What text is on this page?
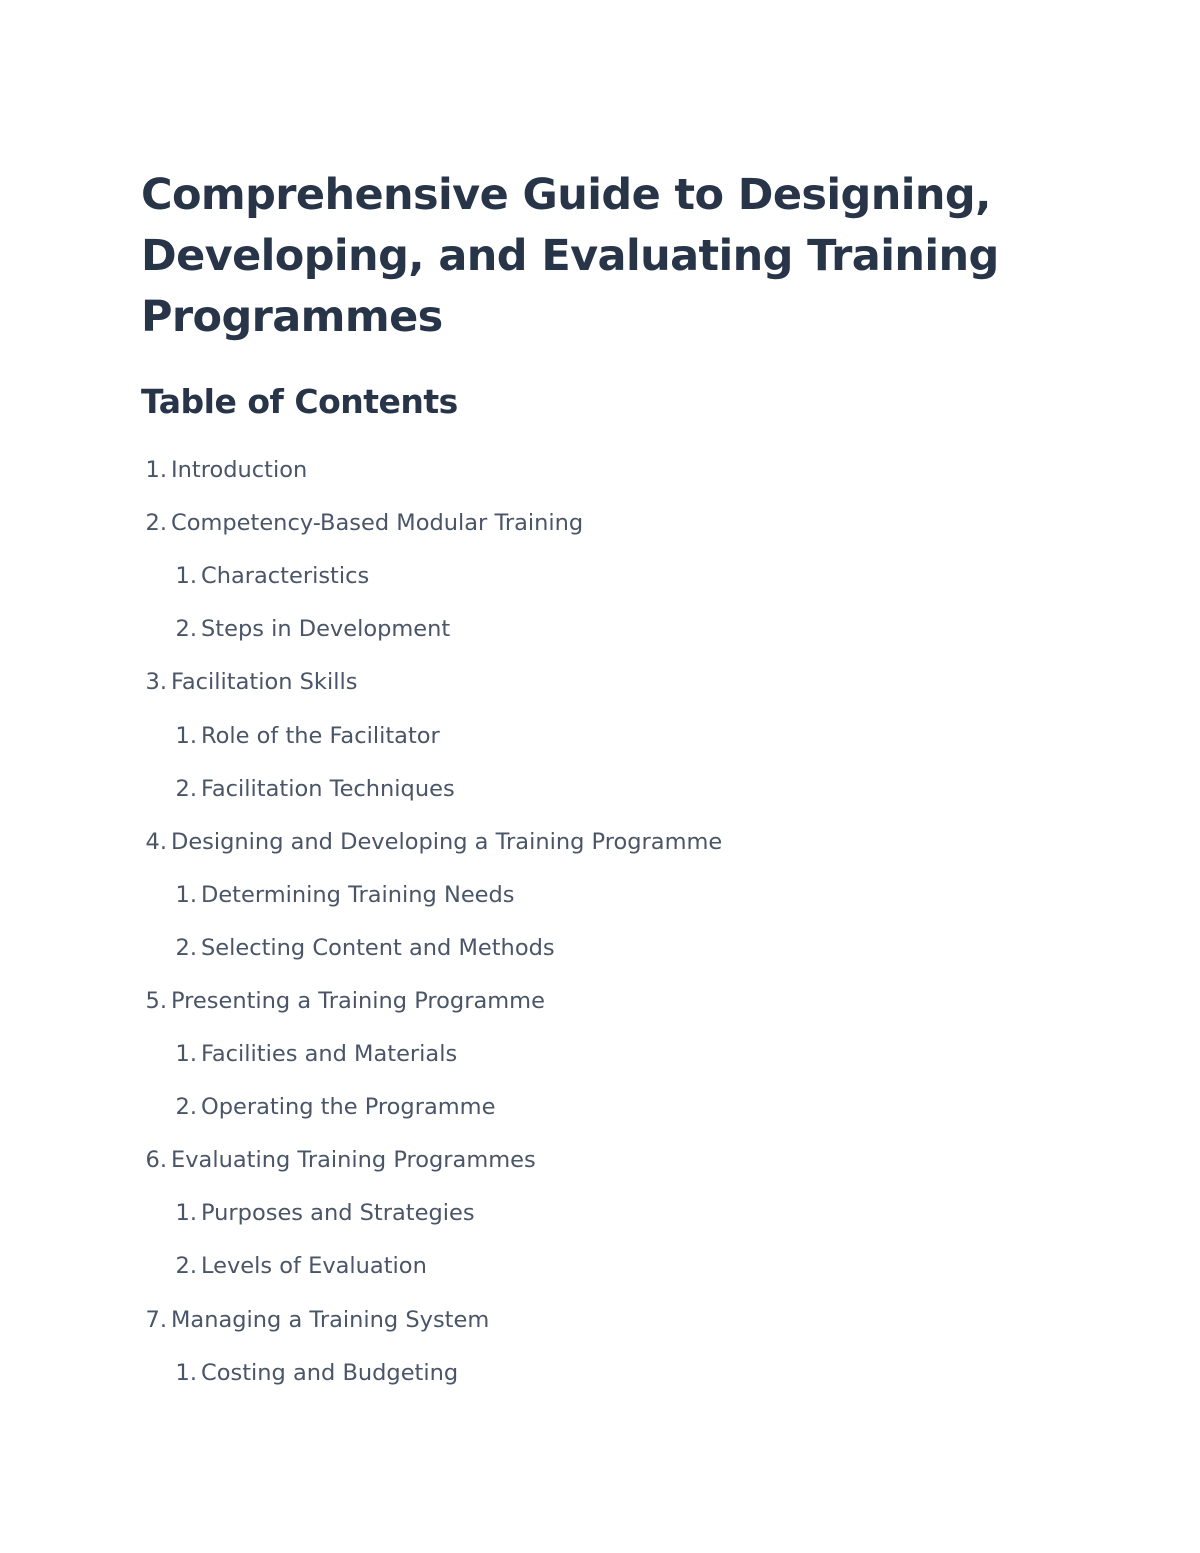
Comprehensive Guide to Designing, Developing, and Evaluating Training Programmes
Table of Contents
1. Introduction
2. Competency-Based Modular Training
1. Characteristics
2. Steps in Development
3. Facilitation Skills
1. Role of the Facilitator
2. Facilitation Techniques
4. Designing and Developing a Training Programme
1. Determining Training Needs
2. Selecting Content and Methods
5. Presenting a Training Programme
1. Facilities and Materials
2. Operating the Programme
6. Evaluating Training Programmes
1. Purposes and Strategies
2. Levels of Evaluation
7. Managing a Training System
1. Costing and Budgeting
